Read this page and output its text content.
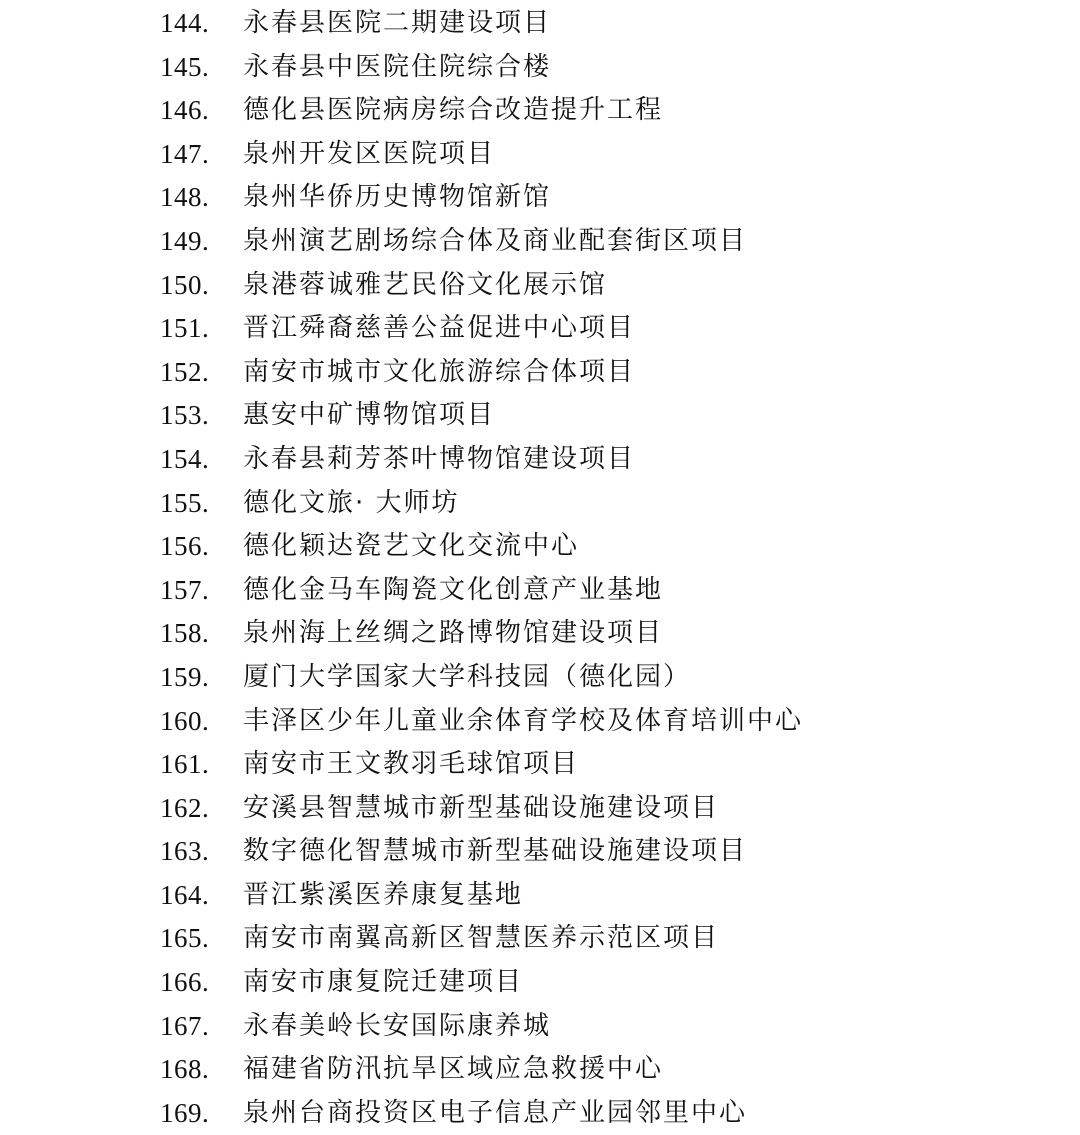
144. 永春县医院二期建设项目
145. 永春县中医院住院综合楼
146. 德化县医院病房综合改造提升工程
147. 泉州开发区医院项目
148. 泉州华侨历史博物馆新馆
149. 泉州演艺剧场综合体及商业配套街区项目
150. 泉港蓉诚雅艺民俗文化展示馆
151. 晋江舜裔慈善公益促进中心项目
152. 南安市城市文化旅游综合体项目
153. 惠安中矿博物馆项目
154. 永春县莉芳茶叶博物馆建设项目
155. 德化文旅· 大师坊
156. 德化颖达瓷艺文化交流中心
157. 德化金马车陶瓷文化创意产业基地
158. 泉州海上丝绸之路博物馆建设项目
159. 厦门大学国家大学科技园（德化园）
160. 丰泽区少年儿童业余体育学校及体育培训中心
161. 南安市王文教羽毛球馆项目
162. 安溪县智慧城市新型基础设施建设项目
163. 数字德化智慧城市新型基础设施建设项目
164. 晋江紫溪医养康复基地
165. 南安市南翼高新区智慧医养示范区项目
166. 南安市康复院迁建项目
167. 永春美岭长安国际康养城
168. 福建省防汛抗旱区域应急救援中心
169. 泉州台商投资区电子信息产业园邻里中心
